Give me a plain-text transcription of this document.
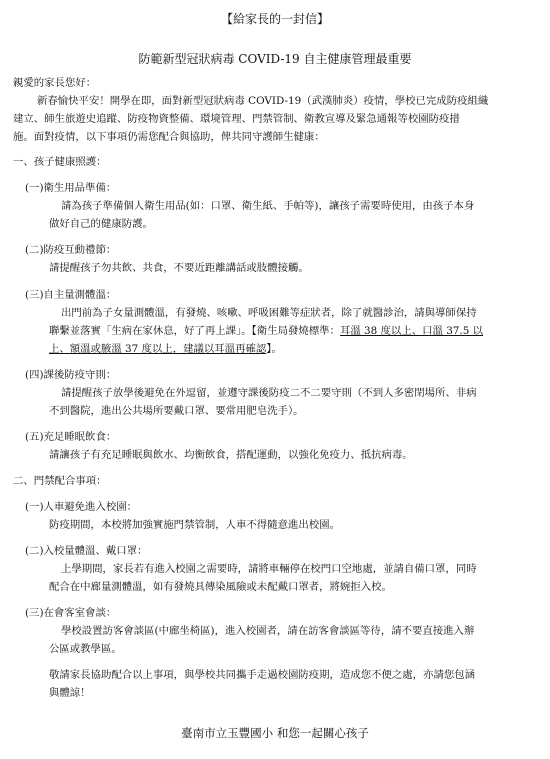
【給家長的一封信】
防範新型冠狀病毒 COVID-19 自主健康管理最重要
親愛的家長您好：
新春愉快平安！開學在即，面對新型冠狀病毒 COVID-19（武漢肺炎）疫情，學校已完成防疫組織
建立、師生旅遊史追蹤、防疫物資整備、環境管理、門禁管制、衛教宣導及緊急通報等校園防疫措
施。面對疫情，以下事項仍需您配合與協助，俾共同守護師生健康：
一、孩子健康照護：
(一)衛生用品準備：
請為孩子準備個人衛生用品(如：口罩、衛生紙、手帕等)，讓孩子需要時使用，由孩子本身
做好自己的健康防護。
(二)防疫互動禮節：
請提醒孩子勿共飲、共食，不要近距離講話或肢體接觸。
(三)自主量測體溫：
出門前為子女量測體溫，有發燒、咳嗽、呼吸困難等症狀者，除了就醫診治，請與導師保持
聯繫並落實「生病在家休息，好了再上課」。【衛生局發燒標準：耳溫 38 度以上、口溫 37.5 以
上、額溫或腋溫 37 度以上，建議以耳溫再確認】。
(四)課後防疫守則：
請提醒孩子放學後避免在外逗留，並遵守課後防疫二不二要守則（不到人多密閉場所、非病
不到醫院，進出公共場所要戴口罩、要常用肥皂洗手）。
(五)充足睡眠飲食：
請讓孩子有充足睡眠與飲水、均衡飲食，搭配運動，以強化免疫力、抵抗病毒。
二、門禁配合事項：
(一)人車避免進入校園：
防疫期間，本校將加強實施門禁管制，人車不得隨意進出校園。
(二)入校量體溫、戴口罩：
上學期間，家長若有進入校園之需要時，請將車輛停在校門口空地處，並請自備口罩，同時
配合在中廊量測體溫，如有發燒具傳染風險或未配戴口罩者，將婉拒入校。
(三)在會客室會談：
學校設置訪客會談區(中廊坐椅區)，進入校園者，請在訪客會談區等待，請不要直接進入辦
公區或教學區。
敬請家長協助配合以上事項，與學校共同攜手走過校園防疫期，造成您不便之處，亦請您包涵
與體諒！
臺南市立玉豐國小 和您一起關心孩子
